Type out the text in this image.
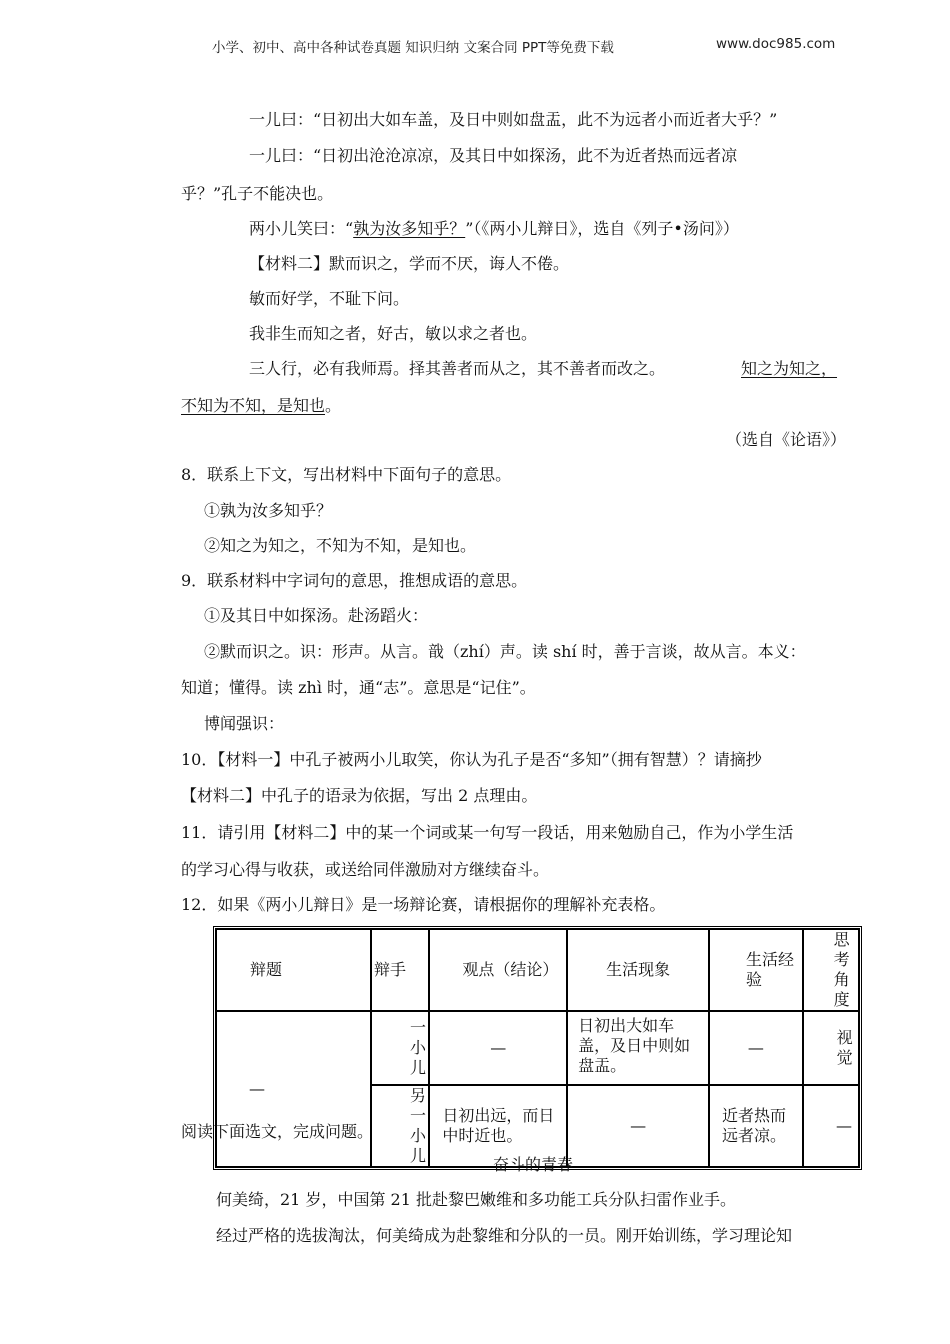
小学、初中、高中各种试卷真题 知识归纳 文案合同 PPT等免费下载	www.doc985.com
一儿曰：“日初出大如车盖，及日中则如盘盂，此不为远者小而近者大乎？”
一儿曰：“日初出沧沧凉凉，及其日中如探汤，此不为近者热而远者凉
乎？”孔子不能决也。
两小儿笑曰：“孰为汝多知乎？”（《两小儿辩日》，选自《列子•汤问》）
【材料二】默而识之，学而不厌，诲人不倦。
敏而好学，不耻下问。
我非生而知之者，好古，敏以求之者也。
三人行，必有我师焉。择其善者而从之，其不善者而改之。	知之为知之，
不知为不知，是知也。
（选自《论语》）
8．联系上下文，写出材料中下面句子的意思。
①孰为汝多知乎？
②知之为知之，不知为不知，是知也。
9．联系材料中字词句的意思，推想成语的意思。
①及其日中如探汤。赴汤蹈火：
②默而识之。识：形声。从言。戠（zhí）声。读 shí 时，善于言谈，故从言。本义：
知道；懂得。读 zhì 时，通“志”。意思是“记住”。
博闻强识：
10．【材料一】中孔子被两小儿取笑，你认为孔子是否“多知”（拥有智慧）？请摘抄
【材料二】中孔子的语录为依据，写出 2 点理由。
11．请引用【材料二】中的某一个词或某一句写一段话，用来勉励自己，作为小学生活
的学习心得与收获，或送给同伴激励对方继续奋斗。
12．如果《两小儿辩日》是一场辩论赛，请根据你的理解补充表格。
辩题	辩手	观点（结论）	生活现象	生活经验	思考角度

—	一小儿	—	日初出大如车盖，及日中则如盘盂。	—	视觉

	另一小儿	日初出远，而日中时近也。	—	近者热而远者凉。	—
阅读下面选文，完成问题。
奋斗的青春
何美绮，21 岁，中国第 21 批赴黎巴嫩维和多功能工兵分队扫雷作业手。
经过严格的选拔淘汰，何美绮成为赴黎维和分队的一员。刚开始训练，学习理论知
